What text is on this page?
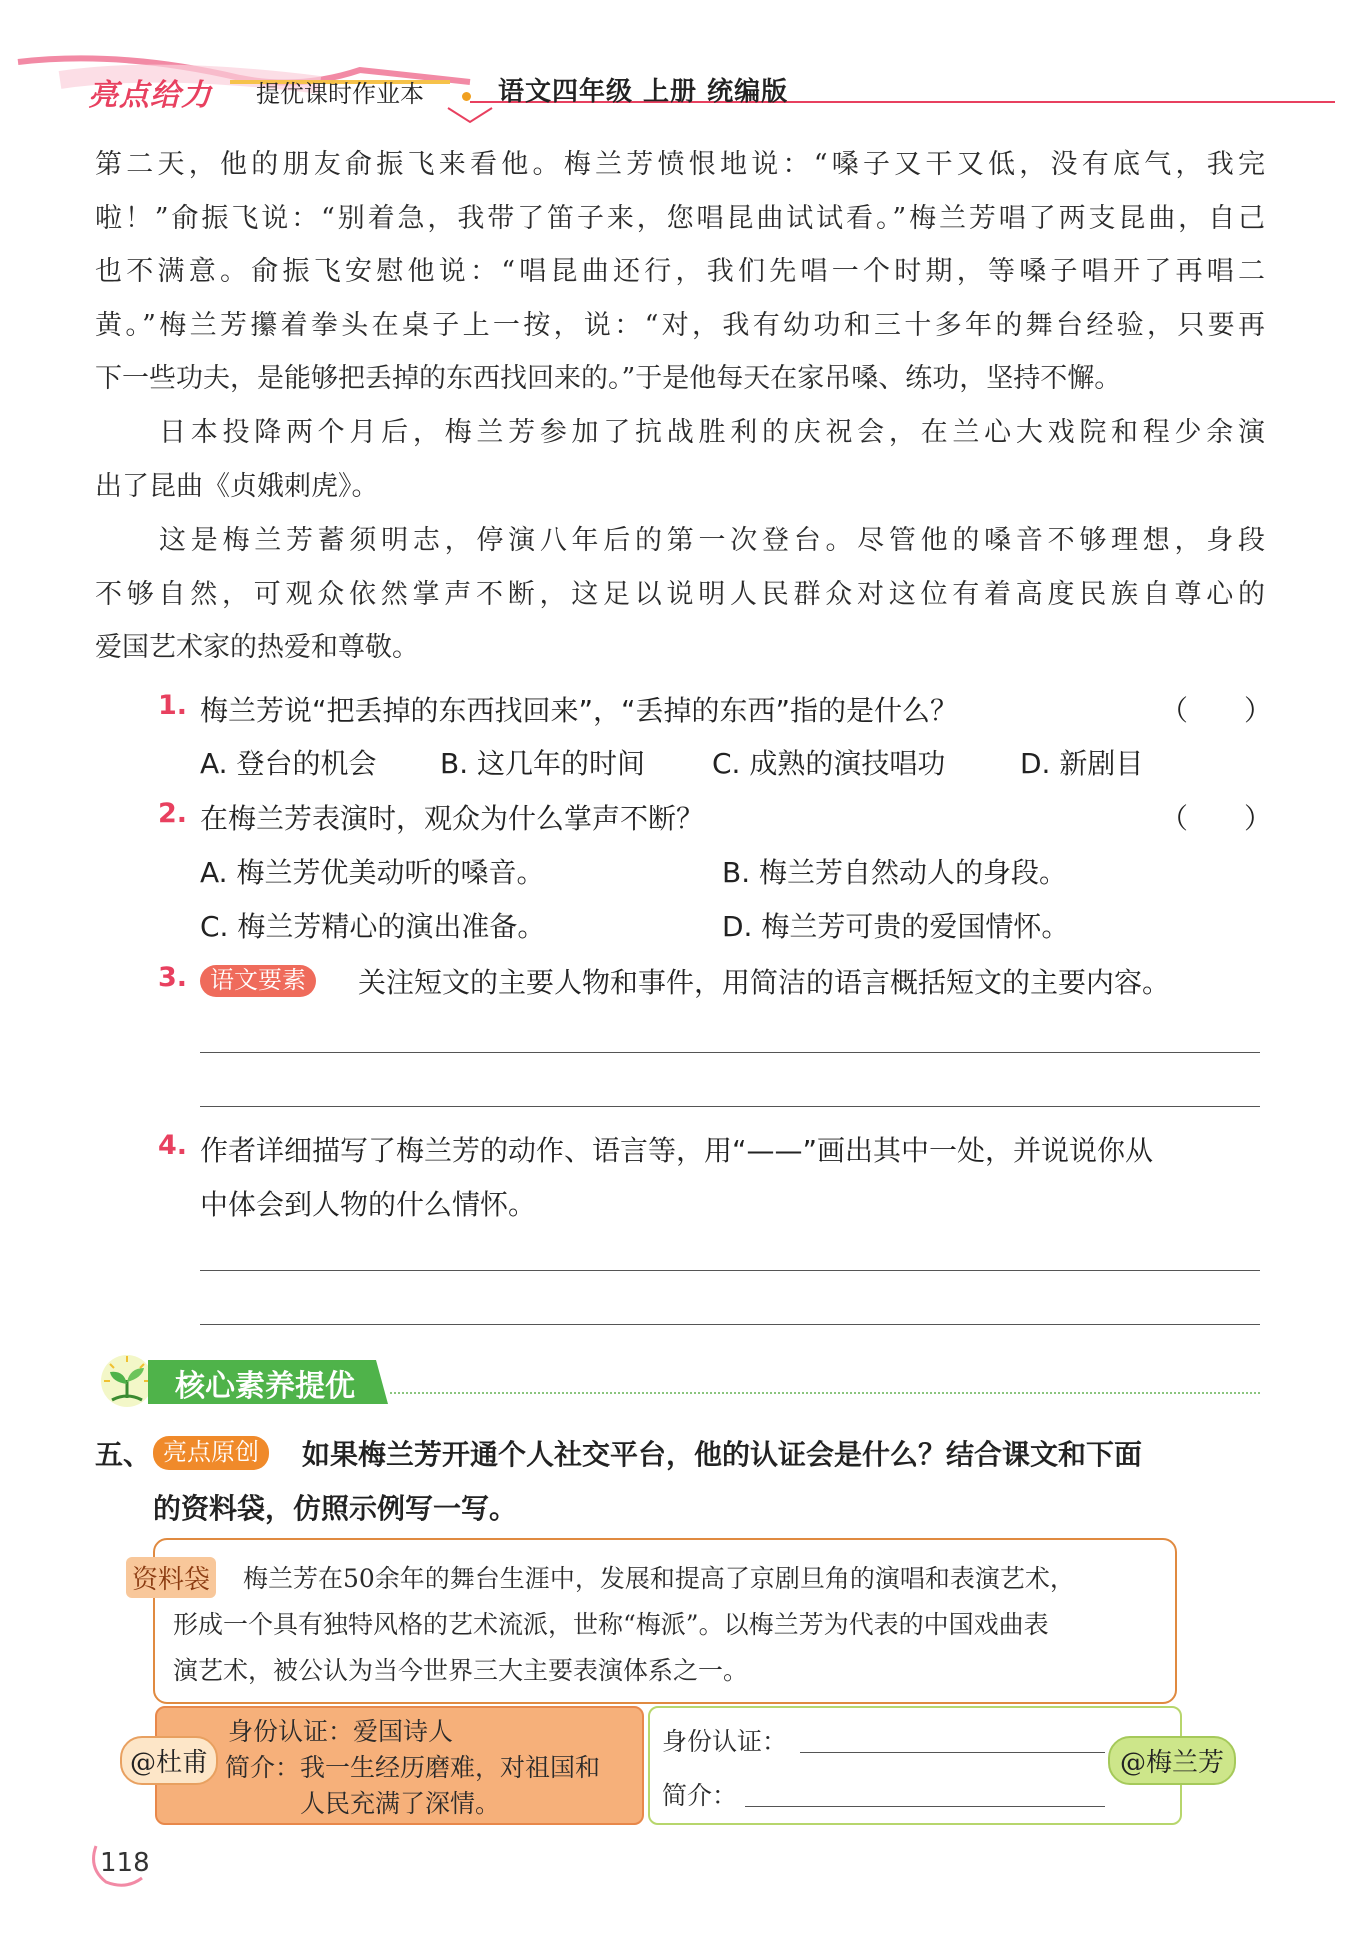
亮点给力 提优课时作业本	语文四年级 上册 统编版
第二天，他的朋友俞振飞来看他。梅兰芳愤恨地说：“嗓子又干又低，没有底气，我完
啦！”俞振飞说：“别着急，我带了笛子来，您唱昆曲试试看。”梅兰芳唱了两支昆曲，自己
也不满意。俞振飞安慰他说：“唱昆曲还行，我们先唱一个时期，等嗓子唱开了再唱二
黄。”梅兰芳攥着拳头在桌子上一按，说：“对，我有幼功和三十多年的舞台经验，只要再
下一些功夫，是能够把丢掉的东西找回来的。”于是他每天在家吊嗓、练功，坚持不懈。
日本投降两个月后，梅兰芳参加了抗战胜利的庆祝会，在兰心大戏院和程少余演
出了昆曲《贞娥刺虎》。
这是梅兰芳蓄须明志，停演八年后的第一次登台。尽管他的嗓音不够理想，身段
不够自然，可观众依然掌声不断，这足以说明人民群众对这位有着高度民族自尊心的
爱国艺术家的热爱和尊敬。
1. 梅兰芳说“把丢掉的东西找回来”，“丢掉的东西”指的是什么？	（　　）
A. 登台的机会 B. 这几年的时间 C. 成熟的演技唱功	D. 新剧目
2. 在梅兰芳表演时，观众为什么掌声不断？	（　　）
A. 梅兰芳优美动听的嗓音。	B. 梅兰芳自然动人的身段。
C. 梅兰芳精心的演出准备。	D. 梅兰芳可贵的爱国情怀。
3. 语文要素	关注短文的主要人物和事件，用简洁的语言概括短文的主要内容。
4. 作者详细描写了梅兰芳的动作、语言等，用“——”画出其中一处，并说说你从
中体会到人物的什么情怀。
核心素养提优
五、 亮点原创	如果梅兰芳开通个人社交平台，他的认证会是什么？结合课文和下面
的资料袋，仿照示例写一写。
资料袋	梅兰芳在50余年的舞台生涯中，发展和提高了京剧旦角的演唱和表演艺术，
形成一个具有独特风格的艺术流派，世称“梅派”。以梅兰芳为代表的中国戏曲表
演艺术，被公认为当今世界三大主要表演体系之一。
@杜甫
身份认证：爱国诗人
简介：我一生经历磨难，对祖国和
人民充满了深情。
身份认证：
简介：
@梅兰芳
118
